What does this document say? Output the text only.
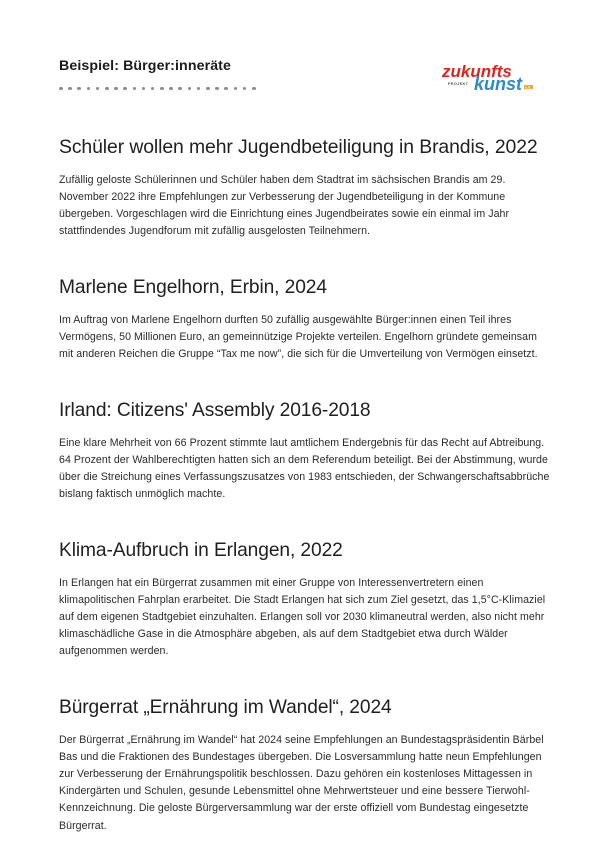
Beispiel: Bürger:inneräte	zukunfts
PROJEKT kunst e.V.
Schüler wollen mehr Jugendbeteiligung in Brandis, 2022

Zufällig geloste Schülerinnen und Schüler haben dem Stadtrat im sächsischen Brandis am 29. November 2022 ihre Empfehlungen zur Verbesserung der Jugendbeteiligung in der Kommune übergeben. Vorgeschlagen wird die Einrichtung eines Jugendbeirates sowie ein einmal im Jahr stattfindendes Jugendforum mit zufällig ausgelosten Teilnehmern.

Marlene Engelhorn, Erbin, 2024

Im Auftrag von Marlene Engelhorn durften 50 zufällig ausgewählte Bürger:innen einen Teil ihres Vermögens, 50 Millionen Euro, an gemeinnützige Projekte verteilen. Engelhorn gründete gemeinsam mit anderen Reichen die Gruppe “Tax me now”, die sich für die Umverteilung von Vermögen einsetzt.

Irland: Citizens' Assembly 2016-2018

Eine klare Mehrheit von 66 Prozent stimmte laut amtlichem Endergebnis für das Recht auf Abtreibung. 64 Prozent der Wahlberechtigten hatten sich an dem Referendum beteiligt. Bei der Abstimmung, wurde über die Streichung eines Verfassungszusatzes von 1983 entschieden, der Schwangerschaftsabbrüche bislang faktisch unmöglich machte.

Klima-Aufbruch in Erlangen, 2022

In Erlangen hat ein Bürgerrat zusammen mit einer Gruppe von Interessenvertretern einen klimapolitischen Fahrplan erarbeitet. Die Stadt Erlangen hat sich zum Ziel gesetzt, das 1,5°C-Klimaziel auf dem eigenen Stadtgebiet einzuhalten. Erlangen soll vor 2030 klimaneutral werden, also nicht mehr klimaschädliche Gase in die Atmosphäre abgeben, als auf dem Stadtgebiet etwa durch Wälder aufgenommen werden.

Bürgerrat „Ernährung im Wandel“, 2024

Der Bürgerrat „Ernährung im Wandel“ hat 2024 seine Empfehlungen an Bundestagspräsidentin Bärbel Bas und die Fraktionen des Bundestages übergeben. Die Losversammlung hatte neun Empfehlungen zur Verbesserung der Ernährungspolitik beschlossen. Dazu gehören ein kostenloses Mittagessen in Kindergärten und Schulen, gesunde Lebensmittel ohne Mehrwertsteuer und eine bessere Tierwohl-Kennzeichnung. Die geloste Bürgerversammlung war der erste offiziell vom Bundestag eingesetzte Bürgerrat.
